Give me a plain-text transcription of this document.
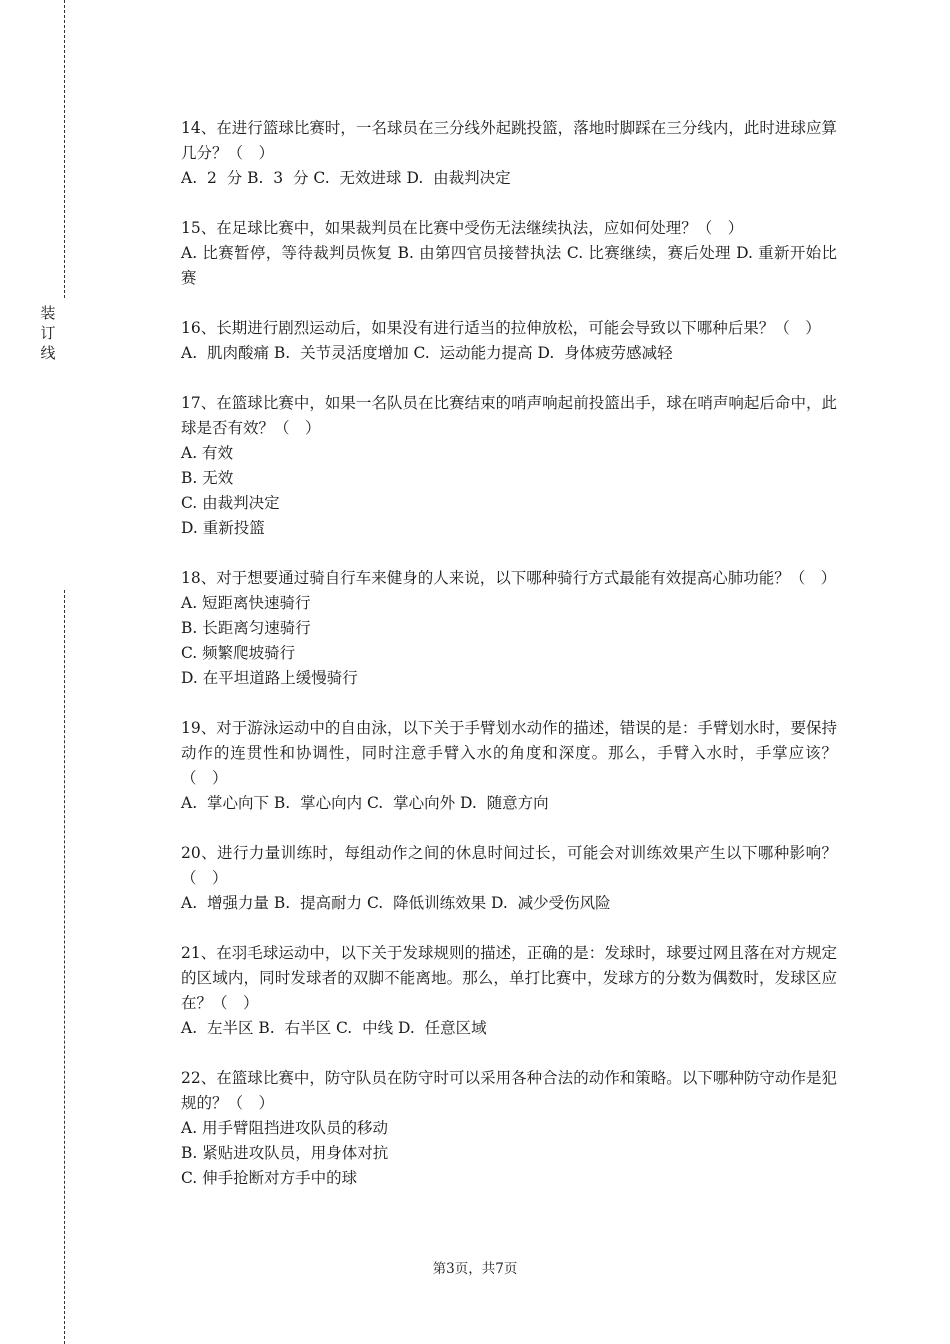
装
订
线
14、在进行篮球比赛时，一名球员在三分线外起跳投篮，落地时脚踩在三分线内，此时进球应算几分？（　）
A.  2  分 B.  3  分 C.  无效进球 D.  由裁判决定
15、在足球比赛中，如果裁判员在比赛中受伤无法继续执法，应如何处理？（　）
A. 比赛暂停，等待裁判员恢复 B. 由第四官员接替执法 C. 比赛继续，赛后处理 D. 重新开始比赛
16、长期进行剧烈运动后，如果没有进行适当的拉伸放松，可能会导致以下哪种后果？（　）
A.  肌肉酸痛 B.  关节灵活度增加 C.  运动能力提高 D.  身体疲劳感减轻
17、在篮球比赛中，如果一名队员在比赛结束的哨声响起前投篮出手，球在哨声响起后命中，此球是否有效？（　）
A. 有效
B. 无效
C. 由裁判决定
D. 重新投篮
18、对于想要通过骑自行车来健身的人来说，以下哪种骑行方式最能有效提高心肺功能？（　）
A. 短距离快速骑行
B. 长距离匀速骑行
C. 频繁爬坡骑行
D. 在平坦道路上缓慢骑行
19、对于游泳运动中的自由泳，以下关于手臂划水动作的描述，错误的是：手臂划水时，要保持动作的连贯性和协调性，同时注意手臂入水的角度和深度。那么，手臂入水时，手掌应该？（　）
A.  掌心向下 B.  掌心向内 C.  掌心向外 D.  随意方向
20、进行力量训练时，每组动作之间的休息时间过长，可能会对训练效果产生以下哪种影响？（　）
A.  增强力量 B.  提高耐力 C.  降低训练效果 D.  减少受伤风险
21、在羽毛球运动中，以下关于发球规则的描述，正确的是：发球时，球要过网且落在对方规定的区域内，同时发球者的双脚不能离地。那么，单打比赛中，发球方的分数为偶数时，发球区应在？（　）
A.  左半区 B.  右半区 C.  中线 D.  任意区域
22、在篮球比赛中，防守队员在防守时可以采用各种合法的动作和策略。以下哪种防守动作是犯规的？（　）
A. 用手臂阻挡进攻队员的移动
B. 紧贴进攻队员，用身体对抗
C. 伸手抢断对方手中的球
第3页，共7页
